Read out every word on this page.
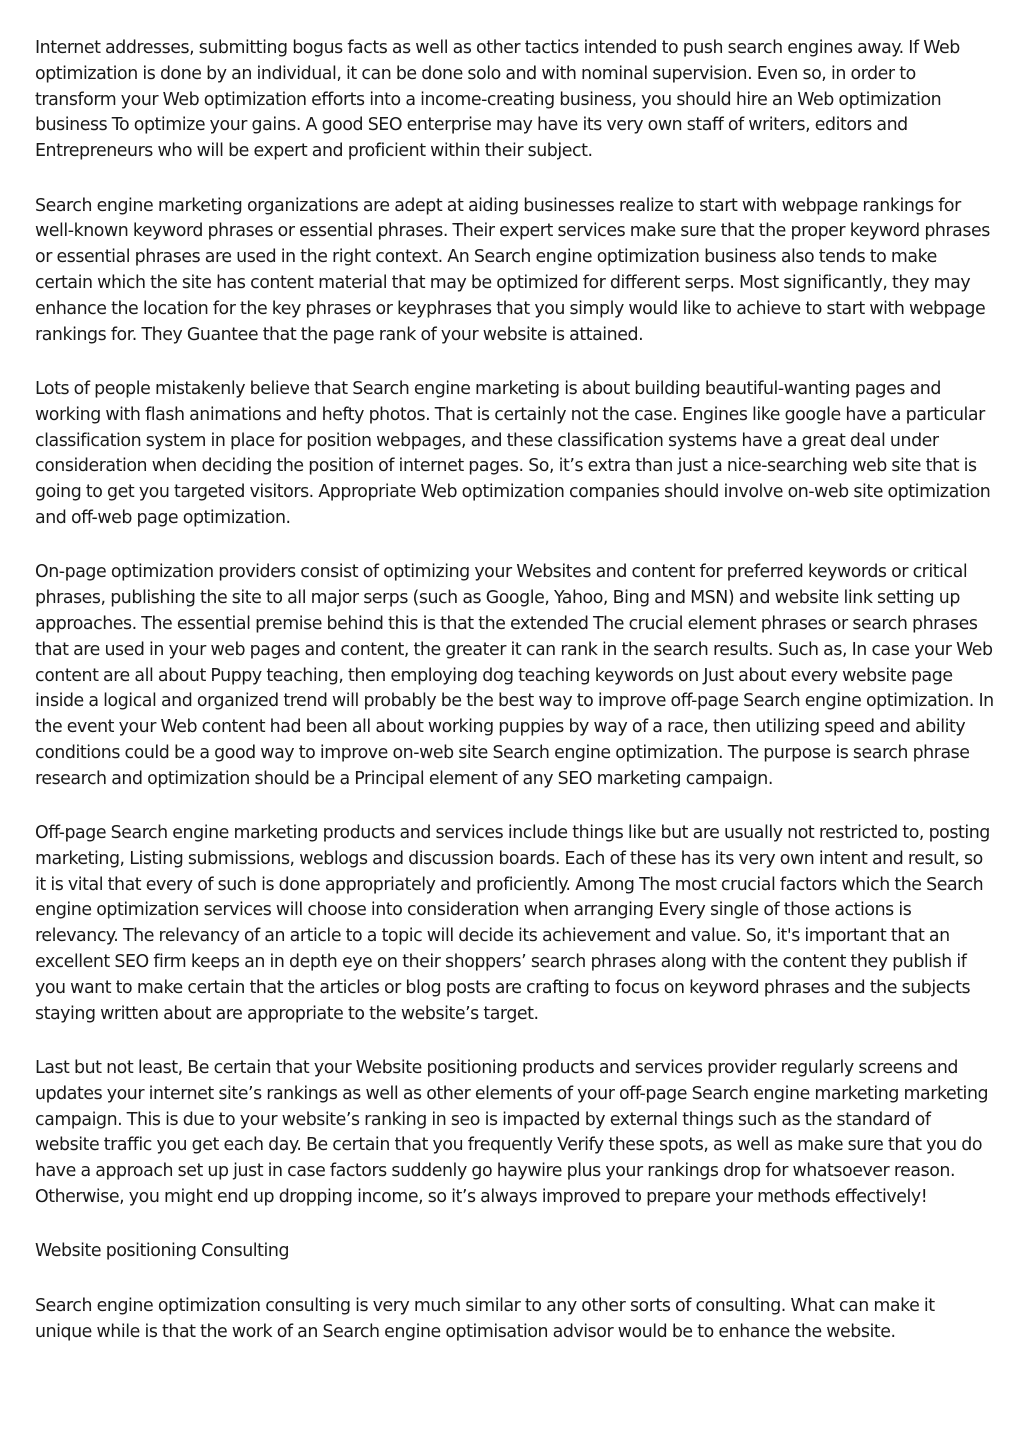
Internet addresses, submitting bogus facts as well as other tactics intended to push search engines away. If Web optimization is done by an individual, it can be done solo and with nominal supervision. Even so, in order to transform your Web optimization efforts into a income-creating business, you should hire an Web optimization business To optimize your gains. A good SEO enterprise may have its very own staff of writers, editors and Entrepreneurs who will be expert and proficient within their subject.

Search engine marketing organizations are adept at aiding businesses realize to start with webpage rankings for well-known keyword phrases or essential phrases. Their expert services make sure that the proper keyword phrases or essential phrases are used in the right context. An Search engine optimization business also tends to make certain which the site has content material that may be optimized for different serps. Most significantly, they may enhance the location for the key phrases or keyphrases that you simply would like to achieve to start with webpage rankings for. They Guantee that the page rank of your website is attained.

Lots of people mistakenly believe that Search engine marketing is about building beautiful-wanting pages and working with flash animations and hefty photos. That is certainly not the case. Engines like google have a particular classification system in place for position webpages, and these classification systems have a great deal under consideration when deciding the position of internet pages. So, it’s extra than just a nice-searching web site that is going to get you targeted visitors. Appropriate Web optimization companies should involve on-web site optimization and off-web page optimization.

On-page optimization providers consist of optimizing your Websites and content for preferred keywords or critical phrases, publishing the site to all major serps (such as Google, Yahoo, Bing and MSN) and website link setting up approaches. The essential premise behind this is that the extended The crucial element phrases or search phrases that are used in your web pages and content, the greater it can rank in the search results. Such as, In case your Web content are all about Puppy teaching, then employing dog teaching keywords on Just about every website page inside a logical and organized trend will probably be the best way to improve off-page Search engine optimization. In the event your Web content had been all about working puppies by way of a race, then utilizing speed and ability conditions could be a good way to improve on-web site Search engine optimization. The purpose is search phrase research and optimization should be a Principal element of any SEO marketing campaign.

Off-page Search engine marketing products and services include things like but are usually not restricted to, posting marketing, Listing submissions, weblogs and discussion boards. Each of these has its very own intent and result, so it is vital that every of such is done appropriately and proficiently. Among The most crucial factors which the Search engine optimization services will choose into consideration when arranging Every single of those actions is relevancy. The relevancy of an article to a topic will decide its achievement and value. So, it's important that an excellent SEO firm keeps an in depth eye on their shoppers’ search phrases along with the content they publish if you want to make certain that the articles or blog posts are crafting to focus on keyword phrases and the subjects staying written about are appropriate to the website’s target.

Last but not least, Be certain that your Website positioning products and services provider regularly screens and updates your internet site’s rankings as well as other elements of your off-page Search engine marketing marketing campaign. This is due to your website’s ranking in seo is impacted by external things such as the standard of website traffic you get each day. Be certain that you frequently Verify these spots, as well as make sure that you do have a approach set up just in case factors suddenly go haywire plus your rankings drop for whatsoever reason. Otherwise, you might end up dropping income, so it’s always improved to prepare your methods effectively!

Website positioning Consulting

Search engine optimization consulting is very much similar to any other sorts of consulting. What can make it unique while is that the work of an Search engine optimisation advisor would be to enhance the website.
